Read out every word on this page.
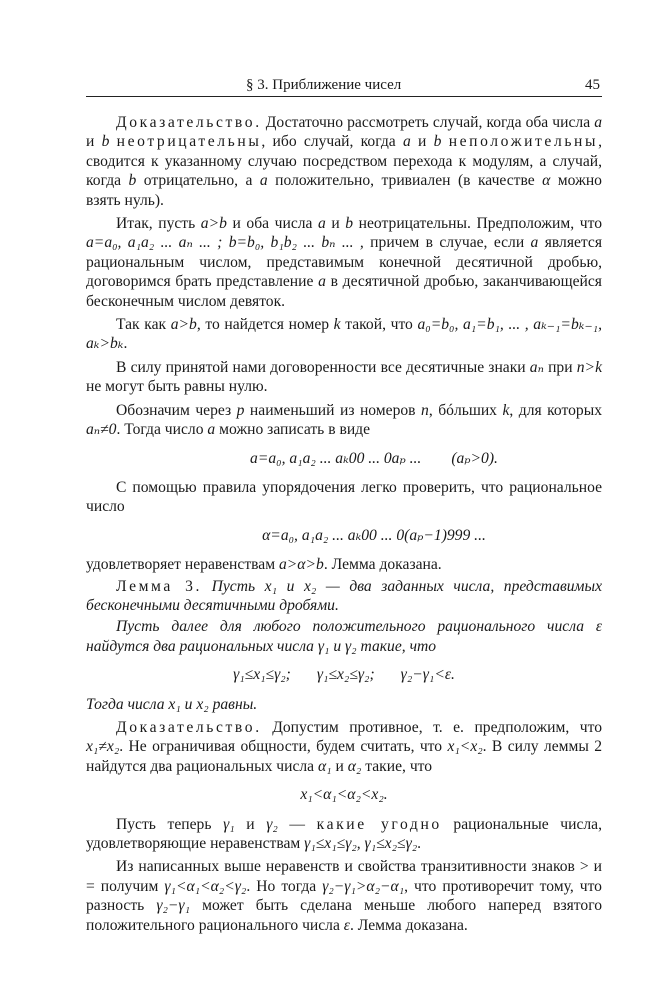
§ 3. Приближение чисел	45

Доказательство. Достаточно рассмотреть случай, когда оба числа a и b неотрицательны, ибо случай, когда a и b неположительны, сводится к указанному случаю посредством перехода к модулям, а случай, когда b отрицательно, а a положительно, тривиален (в качестве α можно взять нуль).

Итак, пусть a>b и оба числа a и b неотрицательны. Предположим, что a=a₀, a₁a₂ ... aₙ ... ; b=b₀, b₁b₂ ... bₙ ... , причем в случае, если a является рациональным числом, представимым конечной десятичной дробью, договоримся брать представление a в десятичной дробью, заканчивающейся бесконечным числом девяток.

Так как a>b, то найдется номер k такой, что a₀=b₀, a₁=b₁, ... , aₖ₋₁=bₖ₋₁, aₖ>bₖ.

В силу принятой нами договоренности все десятичные знаки aₙ при n>k не могут быть равны нулю.

Обозначим через p наименьший из номеров n, бóльших k, для которых aₙ≠0. Тогда число a можно записать в виде

a=a₀, a₁a₂ ... aₖ00 ... 0aₚ ... (aₚ>0).

С помощью правила упорядочения легко проверить, что рациональное число

α=a₀, a₁a₂ ... aₖ00 ... 0(aₚ−1)999 ...

удовлетворяет неравенствам a>α>b. Лемма доказана.

Лемма 3. Пусть x₁ и x₂ — два заданных числа, представимых бесконечными десятичными дробями.

Пусть далее для любого положительного рационального числа ε найдутся два рациональных числа γ₁ и γ₂ такие, что

γ₁≤x₁≤γ₂; γ₁≤x₂≤γ₂; γ₂−γ₁<ε.

Тогда числа x₁ и x₂ равны.

Доказательство. Допустим противное, т. е. предположим, что x₁≠x₂. Не ограничивая общности, будем считать, что x₁<x₂. В силу леммы 2 найдутся два рациональных числа α₁ и α₂ такие, что

x₁<α₁<α₂<x₂.

Пусть теперь γ₁ и γ₂ — какие угодно рациональные числа, удовлетворяющие неравенствам γ₁≤x₁≤γ₂, γ₁≤x₂≤γ₂.

Из написанных выше неравенств и свойства транзитивности знаков > и = получим γ₁<α₁<α₂<γ₂. Но тогда γ₂−γ₁>α₂−α₁, что противоречит тому, что разность γ₂−γ₁ может быть сделана меньше любого наперед взятого положительного рационального числа ε. Лемма доказана.
